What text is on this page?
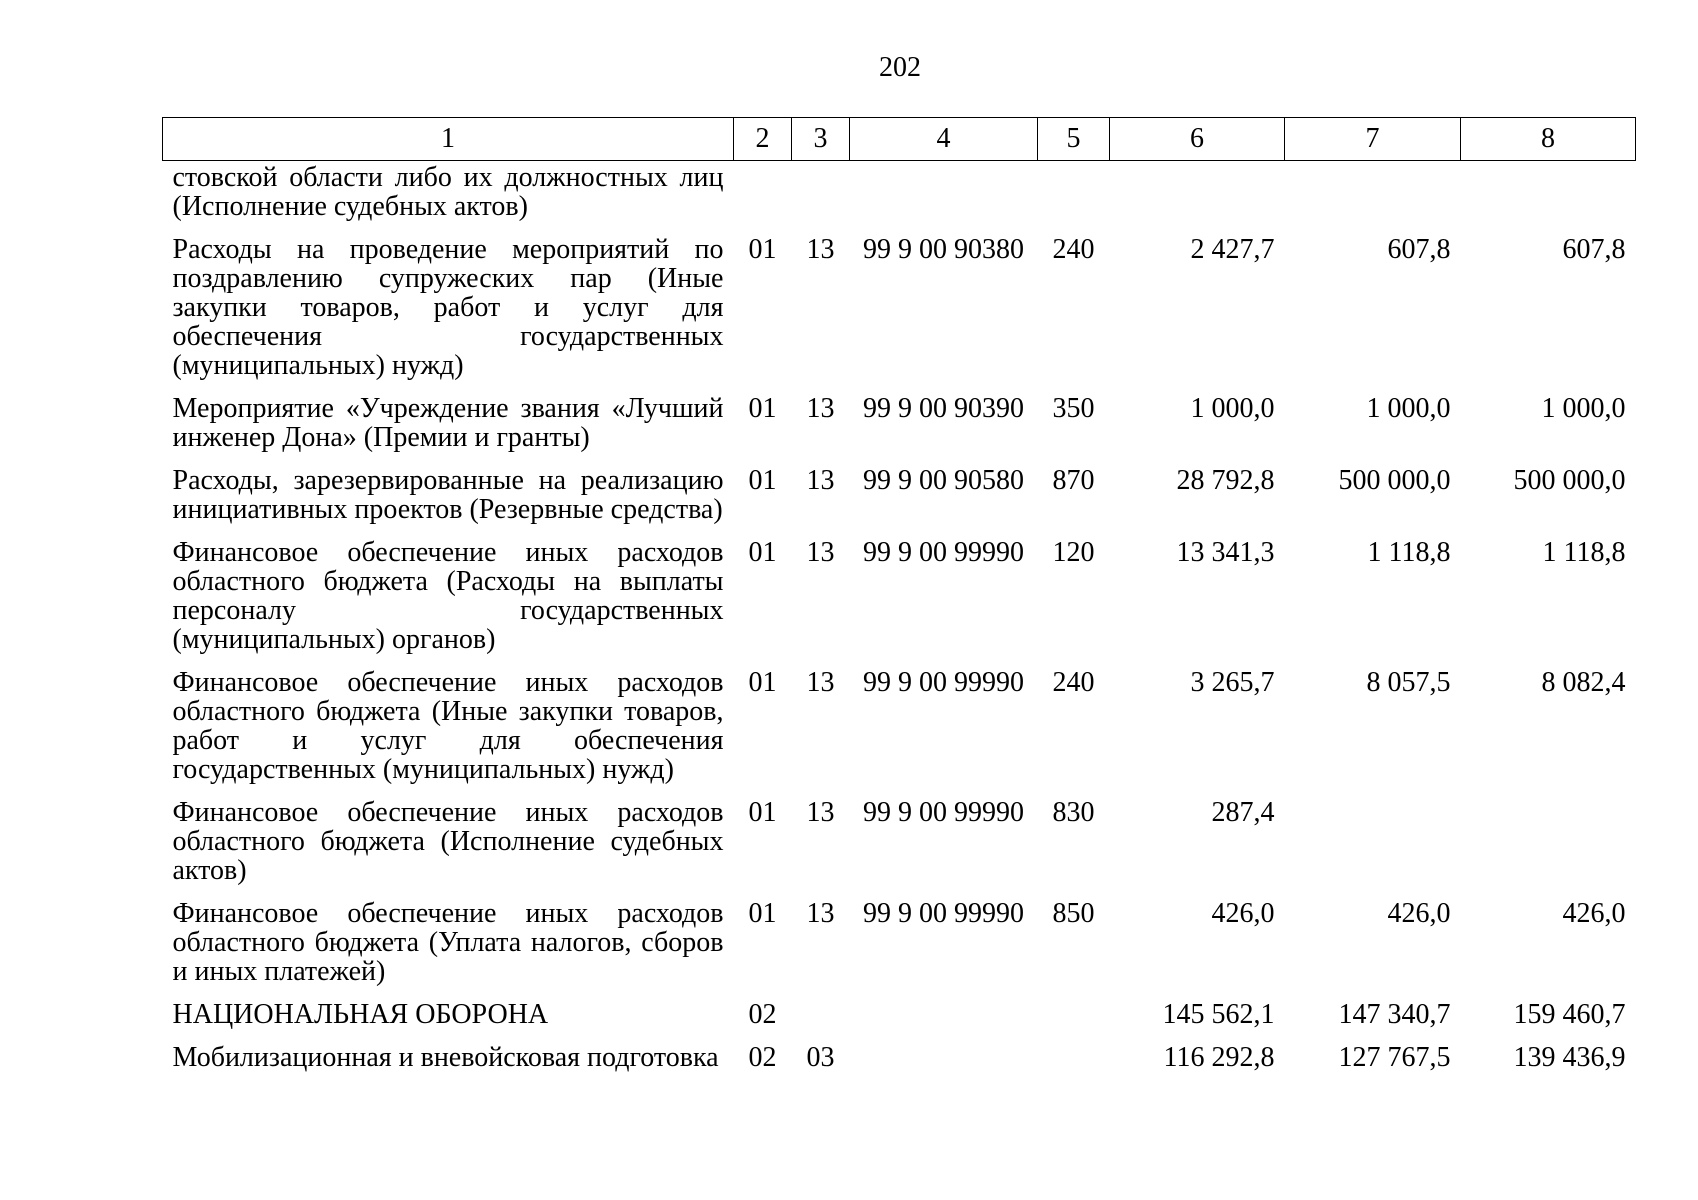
202
1	2	3	4	5	6	7	8
стовской области либо их должностных лиц (Исполнение судебных актов)							
Расходы на проведение мероприятий по поздравлению супружеских пар (Иные закупки товаров, работ и услуг для обеспечения государственных (муниципальных) нужд)	01	13	99 9 00 90380	240	2 427,7	607,8	607,8
Мероприятие «Учреждение звания «Лучший инженер Дона» (Премии и гранты)	01	13	99 9 00 90390	350	1 000,0	1 000,0	1 000,0
Расходы, зарезервированные на реализацию инициативных проектов (Резервные средства)	01	13	99 9 00 90580	870	28 792,8	500 000,0	500 000,0
Финансовое обеспечение иных расходов областного бюджета (Расходы на выплаты персоналу государственных (муниципальных) органов)	01	13	99 9 00 99990	120	13 341,3	1 118,8	1 118,8
Финансовое обеспечение иных расходов областного бюджета (Иные закупки товаров, работ и услуг для обеспечения государственных (муниципальных) нужд)	01	13	99 9 00 99990	240	3 265,7	8 057,5	8 082,4
Финансовое обеспечение иных расходов областного бюджета (Исполнение судебных актов)	01	13	99 9 00 99990	830	287,4		
Финансовое обеспечение иных расходов областного бюджета (Уплата налогов, сборов и иных платежей)	01	13	99 9 00 99990	850	426,0	426,0	426,0
НАЦИОНАЛЬНАЯ ОБОРОНА	02				145 562,1	147 340,7	159 460,7
Мобилизационная и вневойсковая подготовка	02	03			116 292,8	127 767,5	139 436,9
